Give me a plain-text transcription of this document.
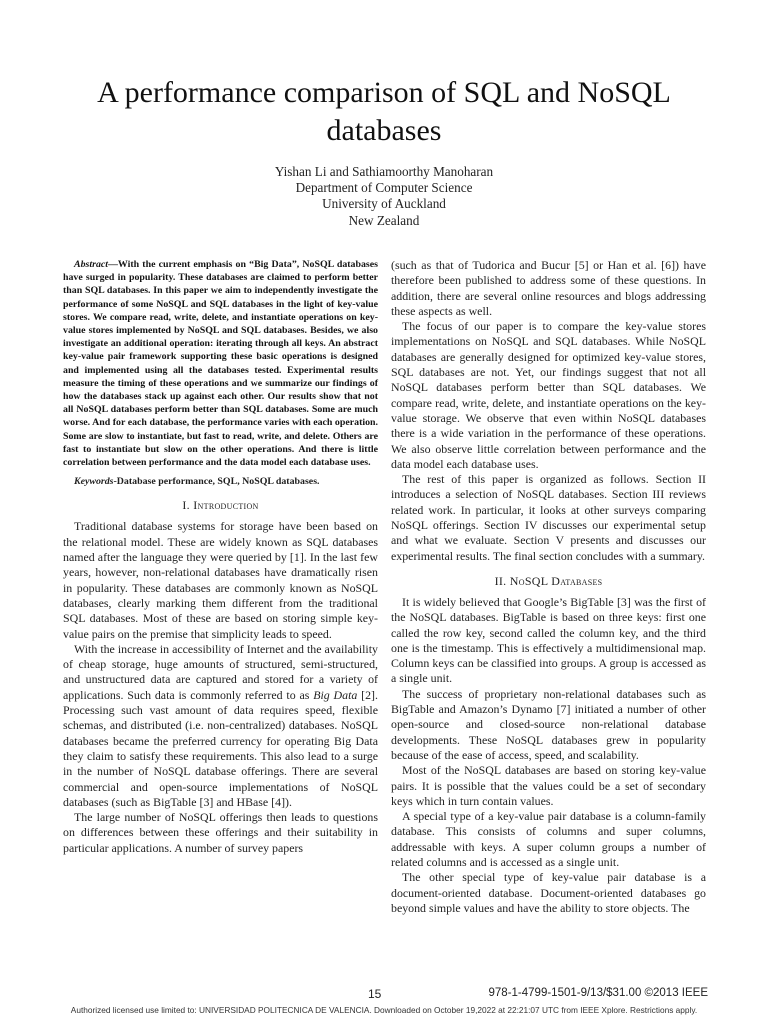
A performance comparison of SQL and NoSQL databases
Yishan Li and Sathiamoorthy Manoharan
Department of Computer Science
University of Auckland
New Zealand

Abstract—With the current emphasis on “Big Data”, NoSQL databases have surged in popularity. These databases are claimed to perform better than SQL databases. In this paper we aim to independently investigate the performance of some NoSQL and SQL databases in the light of key-value stores. We compare read, write, delete, and instantiate operations on key-value stores implemented by NoSQL and SQL databases. Besides, we also investigate an additional operation: iterating through all keys. An abstract key-value pair framework supporting these basic operations is designed and implemented using all the databases tested. Experimental results measure the timing of these operations and we summarize our findings of how the databases stack up against each other. Our results show that not all NoSQL databases perform better than SQL databases. Some are much worse. And for each database, the performance varies with each operation. Some are slow to instantiate, but fast to read, write, and delete. Others are fast to instantiate but slow on the other operations. And there is little correlation between performance and the data model each database uses.

Keywords-Database performance, SQL, NoSQL databases.

I. Introduction

Traditional database systems for storage have been based on the relational model. These are widely known as SQL databases named after the language they were queried by [1]. In the last few years, however, non-relational databases have dramatically risen in popularity. These databases are commonly known as NoSQL databases, clearly marking them different from the traditional SQL databases. Most of these are based on storing simple key-value pairs on the premise that simplicity leads to speed.

With the increase in accessibility of Internet and the availability of cheap storage, huge amounts of structured, semi-structured, and unstructured data are captured and stored for a variety of applications. Such data is commonly referred to as Big Data [2]. Processing such vast amount of data requires speed, flexible schemas, and distributed (i.e. non-centralized) databases. NoSQL databases became the preferred currency for operating Big Data they claim to satisfy these requirements. This also lead to a surge in the number of NoSQL database offerings. There are several commercial and open-source implementations of NoSQL databases (such as BigTable [3] and HBase [4]).

The large number of NoSQL offerings then leads to questions on differences between these offerings and their suitability in particular applications. A number of survey papers

(such as that of Tudorica and Bucur [5] or Han et al. [6]) have therefore been published to address some of these questions. In addition, there are several online resources and blogs addressing these aspects as well.

The focus of our paper is to compare the key-value stores implementations on NoSQL and SQL databases. While NoSQL databases are generally designed for optimized key-value stores, SQL databases are not. Yet, our findings suggest that not all NoSQL databases perform better than SQL databases. We compare read, write, delete, and instantiate operations on the key-value storage. We observe that even within NoSQL databases there is a wide variation in the performance of these operations. We also observe little correlation between performance and the data model each database uses.

The rest of this paper is organized as follows. Section II introduces a selection of NoSQL databases. Section III reviews related work. In particular, it looks at other surveys comparing NoSQL offerings. Section IV discusses our experimental setup and what we evaluate. Section V presents and discusses our experimental results. The final section concludes with a summary.

II. NoSQL Databases

It is widely believed that Google’s BigTable [3] was the first of the NoSQL databases. BigTable is based on three keys: first one called the row key, second called the column key, and the third one is the timestamp. This is effectively a multidimensional map. Column keys can be classified into groups. A group is accessed as a single unit.

The success of proprietary non-relational databases such as BigTable and Amazon’s Dynamo [7] initiated a number of other open-source and closed-source non-relational database developments. These NoSQL databases grew in popularity because of the ease of access, speed, and scalability.

Most of the NoSQL databases are based on storing key-value pairs. It is possible that the values could be a set of secondary keys which in turn contain values.

A special type of a key-value pair database is a column-family database. This consists of columns and super columns, addressable with keys. A super column groups a number of related columns and is accessed as a single unit.

The other special type of key-value pair database is a document-oriented database. Document-oriented databases go beyond simple values and have the ability to store objects. The

15	978-1-4799-1501-9/13/$31.00 ©2013 IEEE
Authorized licensed use limited to: UNIVERSIDAD POLITECNICA DE VALENCIA. Downloaded on October 19,2022 at 22:21:07 UTC from IEEE Xplore. Restrictions apply.
